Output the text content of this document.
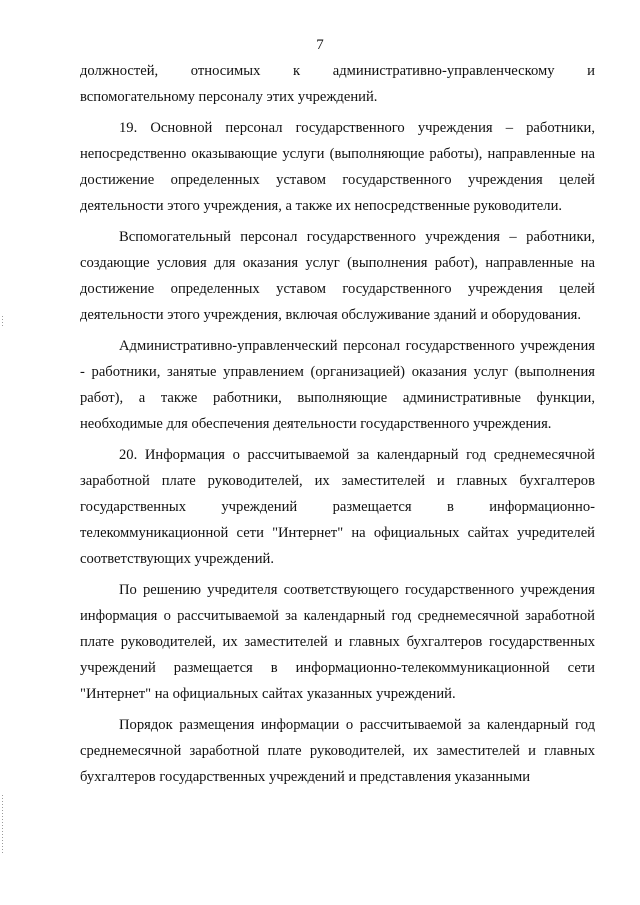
7

должностей, относимых к административно-управленческому и вспомогательному персоналу этих учреждений.

19. Основной персонал государственного учреждения – работники, непосредственно оказывающие услуги (выполняющие работы), направленные на достижение определенных уставом государственного учреждения целей деятельности этого учреждения, а также их непосредственные руководители.

Вспомогательный персонал государственного учреждения – работники, создающие условия для оказания услуг (выполнения работ), направленные на достижение определенных уставом государственного учреждения целей деятельности этого учреждения, включая обслуживание зданий и оборудования.

Административно-управленческий персонал государственного учреждения - работники, занятые управлением (организацией) оказания услуг (выполнения работ), а также работники, выполняющие административные функции, необходимые для обеспечения деятельности государственного учреждения.

20. Информация о рассчитываемой за календарный год среднемесячной заработной плате руководителей, их заместителей и главных бухгалтеров государственных учреждений размещается в информационно-телекоммуникационной сети "Интернет" на официальных сайтах учредителей соответствующих учреждений.

По решению учредителя соответствующего государственного учреждения информация о рассчитываемой за календарный год среднемесячной заработной плате руководителей, их заместителей и главных бухгалтеров государственных учреждений размещается в информационно-телекоммуникационной сети "Интернет" на официальных сайтах указанных учреждений.

Порядок размещения информации о рассчитываемой за календарный год среднемесячной заработной плате руководителей, их заместителей и главных бухгалтеров государственных учреждений и представления указанными
